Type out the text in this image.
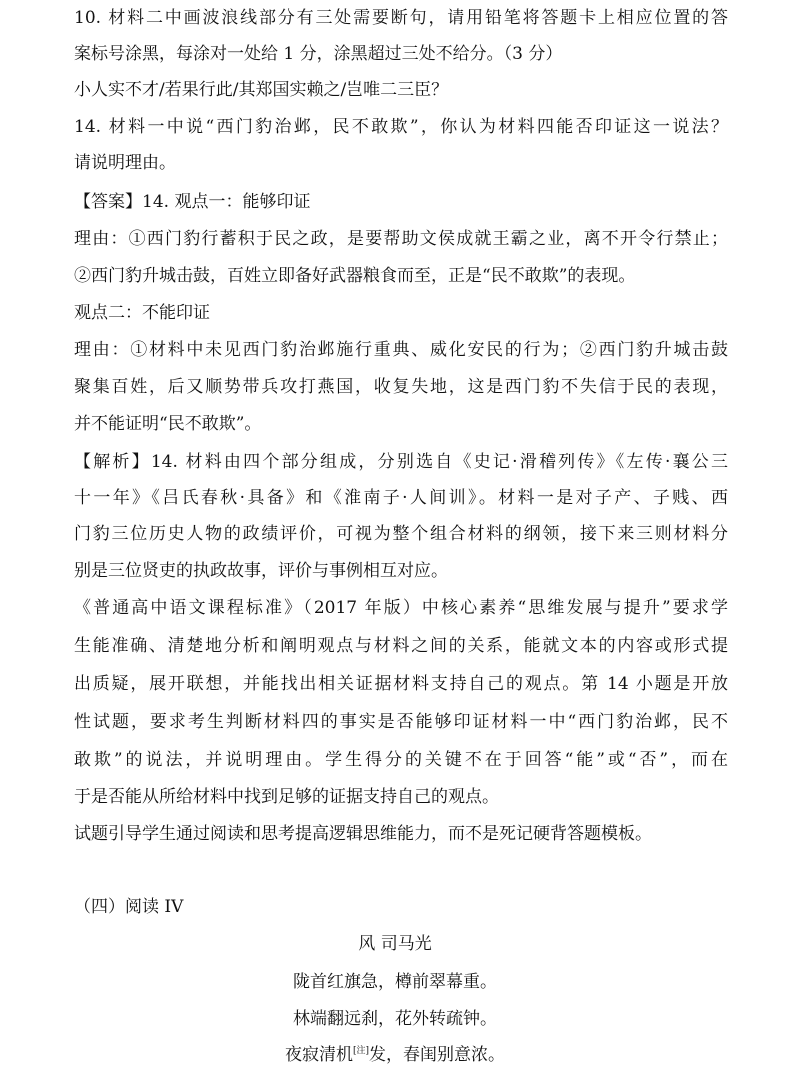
10. 材料二中画波浪线部分有三处需要断句，请用铅笔将答题卡上相应位置的答
案标号涂黑，每涂对一处给 1 分，涂黑超过三处不给分。（3 分）
小人实不才/若果行此/其郑国实赖之/岂唯二三臣？
14. 材料一中说“西门豹治邺，民不敢欺”，你认为材料四能否印证这一说法？
请说明理由。
【答案】14. 观点一：能够印证
理由：①西门豹行蓄积于民之政，是要帮助文侯成就王霸之业，离不开令行禁止；
②西门豹升城击鼓，百姓立即备好武器粮食而至，正是“民不敢欺”的表现。
观点二：不能印证
理由：①材料中未见西门豹治邺施行重典、威化安民的行为；②西门豹升城击鼓
聚集百姓，后又顺势带兵攻打燕国，收复失地，这是西门豹不失信于民的表现，
并不能证明“民不敢欺”。
【解析】14. 材料由四个部分组成，分别选自《史记·滑稽列传》《左传·襄公三
十一年》《吕氏春秋·具备》和《淮南子·人间训》。材料一是对子产、子贱、西
门豹三位历史人物的政绩评价，可视为整个组合材料的纲领，接下来三则材料分
别是三位贤吏的执政故事，评价与事例相互对应。
《普通高中语文课程标准》（2017 年版）中核心素养“思维发展与提升”要求学
生能准确、清楚地分析和阐明观点与材料之间的关系，能就文本的内容或形式提
出质疑，展开联想，并能找出相关证据材料支持自己的观点。第 14 小题是开放
性试题，要求考生判断材料四的事实是否能够印证材料一中“西门豹治邺，民不
敢欺”的说法，并说明理由。学生得分的关键不在于回答“能”或“否”，而在
于是否能从所给材料中找到足够的证据支持自己的观点。
试题引导学生通过阅读和思考提高逻辑思维能力，而不是死记硬背答题模板。
（四）阅读 IV
风 司马光
陇首红旗急，樽前翠幕重。
林端翻远刹，花外转疏钟。
夜寂清机[注]发，春闺别意浓。
